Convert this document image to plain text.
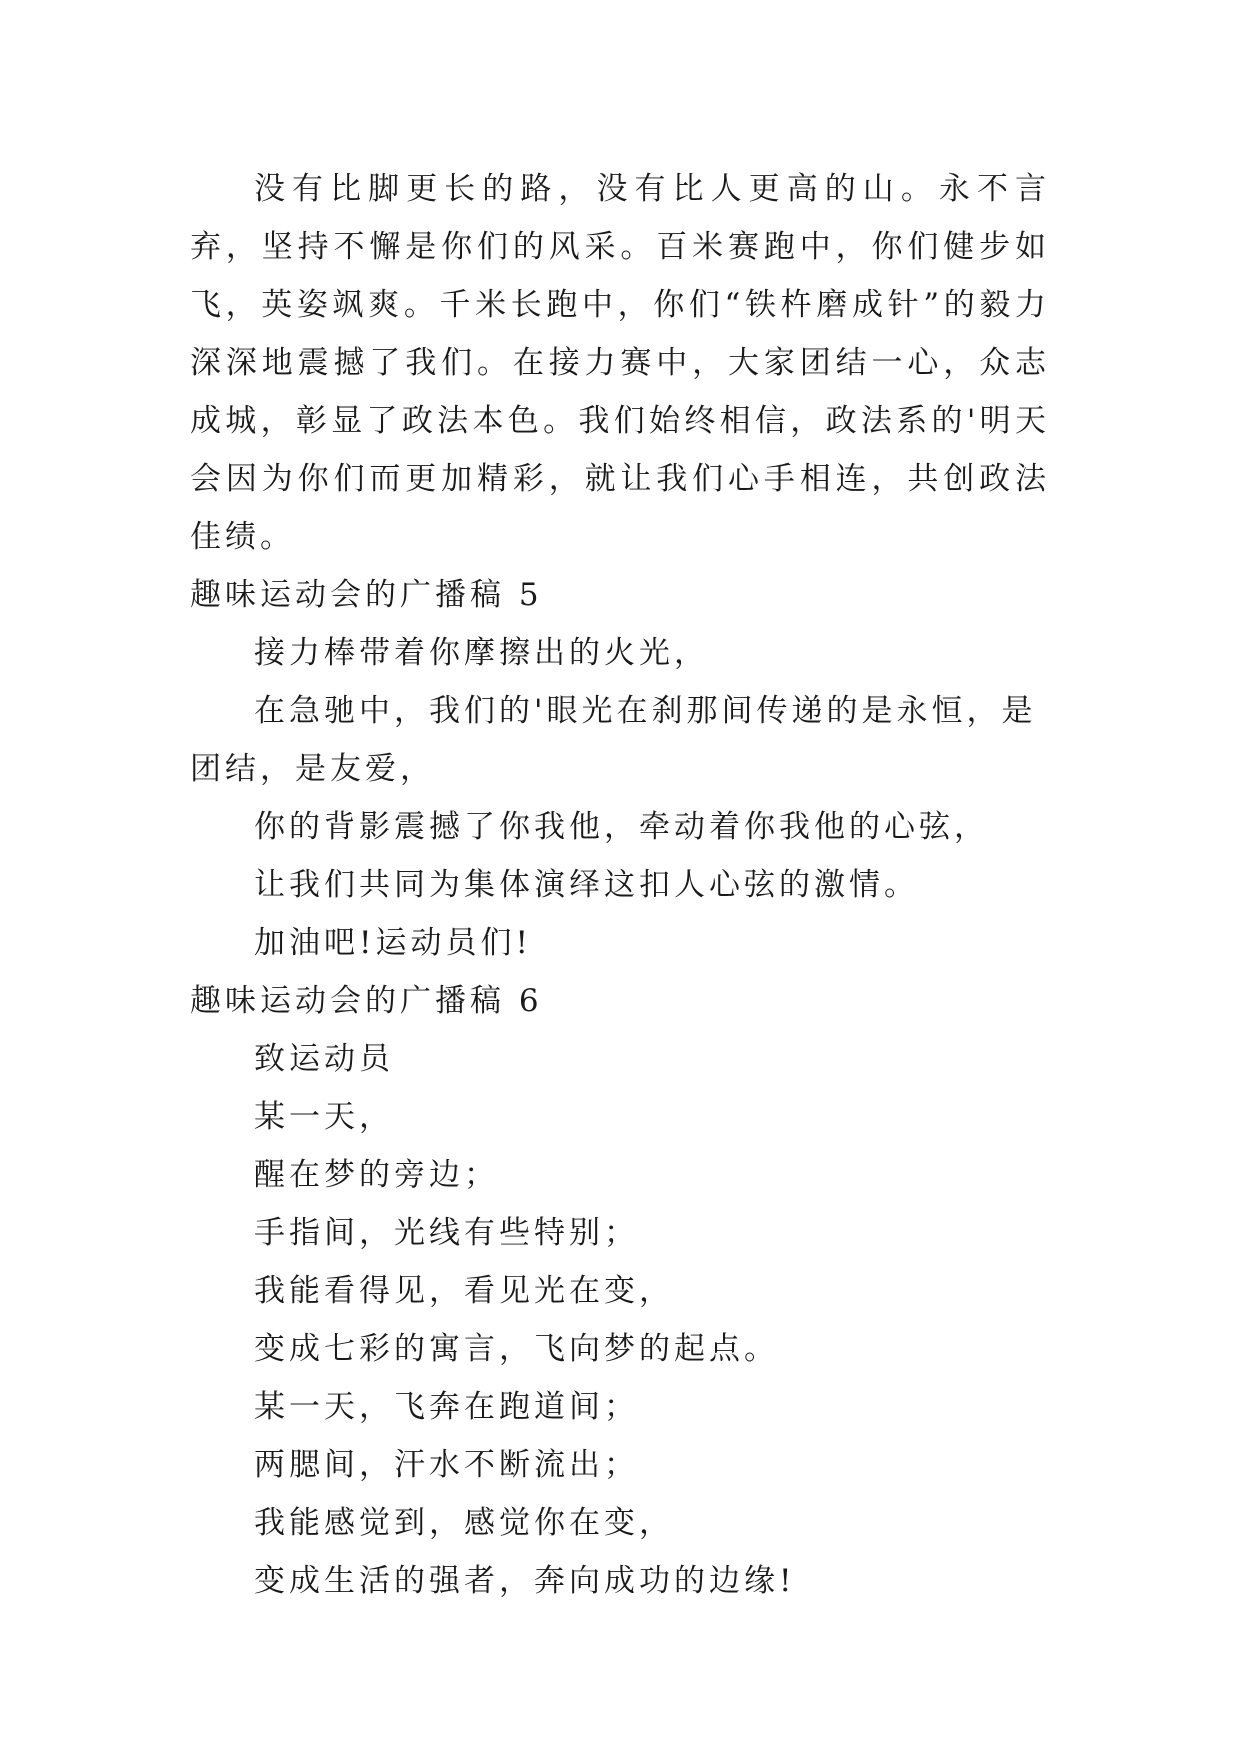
没有比脚更长的路，没有比人更高的山。永不言弃，坚持不懈是你们的风采。百米赛跑中，你们健步如飞，英姿飒爽。千米长跑中，你们“铁杵磨成针”的毅力深深地震撼了我们。在接力赛中，大家团结一心，众志成城，彰显了政法本色。我们始终相信，政法系的'明天会因为你们而更加精彩，就让我们心手相连，共创政法佳绩。

趣味运动会的广播稿 5

接力棒带着你摩擦出的火光，

在急驰中，我们的'眼光在刹那间传递的是永恒，是团结，是友爱，

你的背影震撼了你我他，牵动着你我他的心弦，

让我们共同为集体演绎这扣人心弦的激情。

加油吧!运动员们!

趣味运动会的广播稿 6

致运动员

某一天，

醒在梦的旁边；

手指间，光线有些特别；

我能看得见，看见光在变，

变成七彩的寓言，飞向梦的起点。

某一天，飞奔在跑道间；

两腮间，汗水不断流出；

我能感觉到，感觉你在变，

变成生活的强者，奔向成功的边缘!
